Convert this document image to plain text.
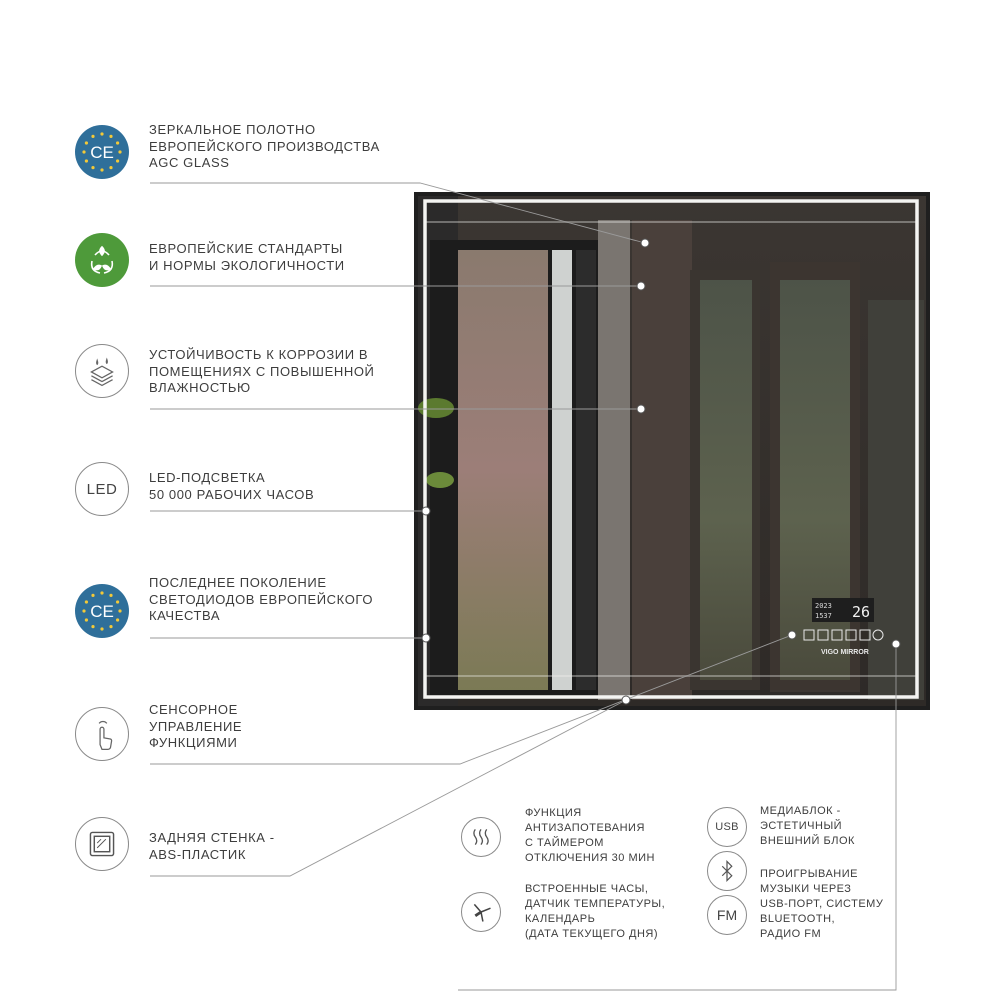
26
2023
1537
VIGO MIRROR
CE
ЗЕРКАЛЬНОЕ ПОЛОТНО
ЕВРОПЕЙСКОГО ПРОИЗВОДСТВА
AGC GLASS
ЕВРОПЕЙСКИЕ СТАНДАРТЫ
И НОРМЫ ЭКОЛОГИЧНОСТИ
УСТОЙЧИВОСТЬ К КОРРОЗИИ В
ПОМЕЩЕНИЯХ С ПОВЫШЕННОЙ
ВЛАЖНОСТЬЮ
LED
LED-ПОДСВЕТКА
50 000 РАБОЧИХ ЧАСОВ
CE
ПОСЛЕДНЕЕ ПОКОЛЕНИЕ
СВЕТОДИОДОВ ЕВРОПЕЙСКОГО
КАЧЕСТВА
СЕНСОРНОЕ
УПРАВЛЕНИЕ
ФУНКЦИЯМИ
ЗАДНЯЯ СТЕНКА -
ABS-ПЛАСТИК
ФУНКЦИЯ
АНТИЗАПОТЕВАНИЯ
С ТАЙМЕРОМ
ОТКЛЮЧЕНИЯ 30 МИН
ВСТРОЕННЫЕ ЧАСЫ,
ДАТЧИК ТЕМПЕРАТУРЫ,
КАЛЕНДАРЬ
(ДАТА ТЕКУЩЕГО ДНЯ)
USB
МЕДИАБЛОК -
ЭСТЕТИЧНЫЙ
ВНЕШНИЙ БЛОК
FM
ПРОИГРЫВАНИЕ
МУЗЫКИ ЧЕРЕЗ
USB-ПОРТ, СИСТЕМУ
BLUETOOTH,
РАДИО FM
